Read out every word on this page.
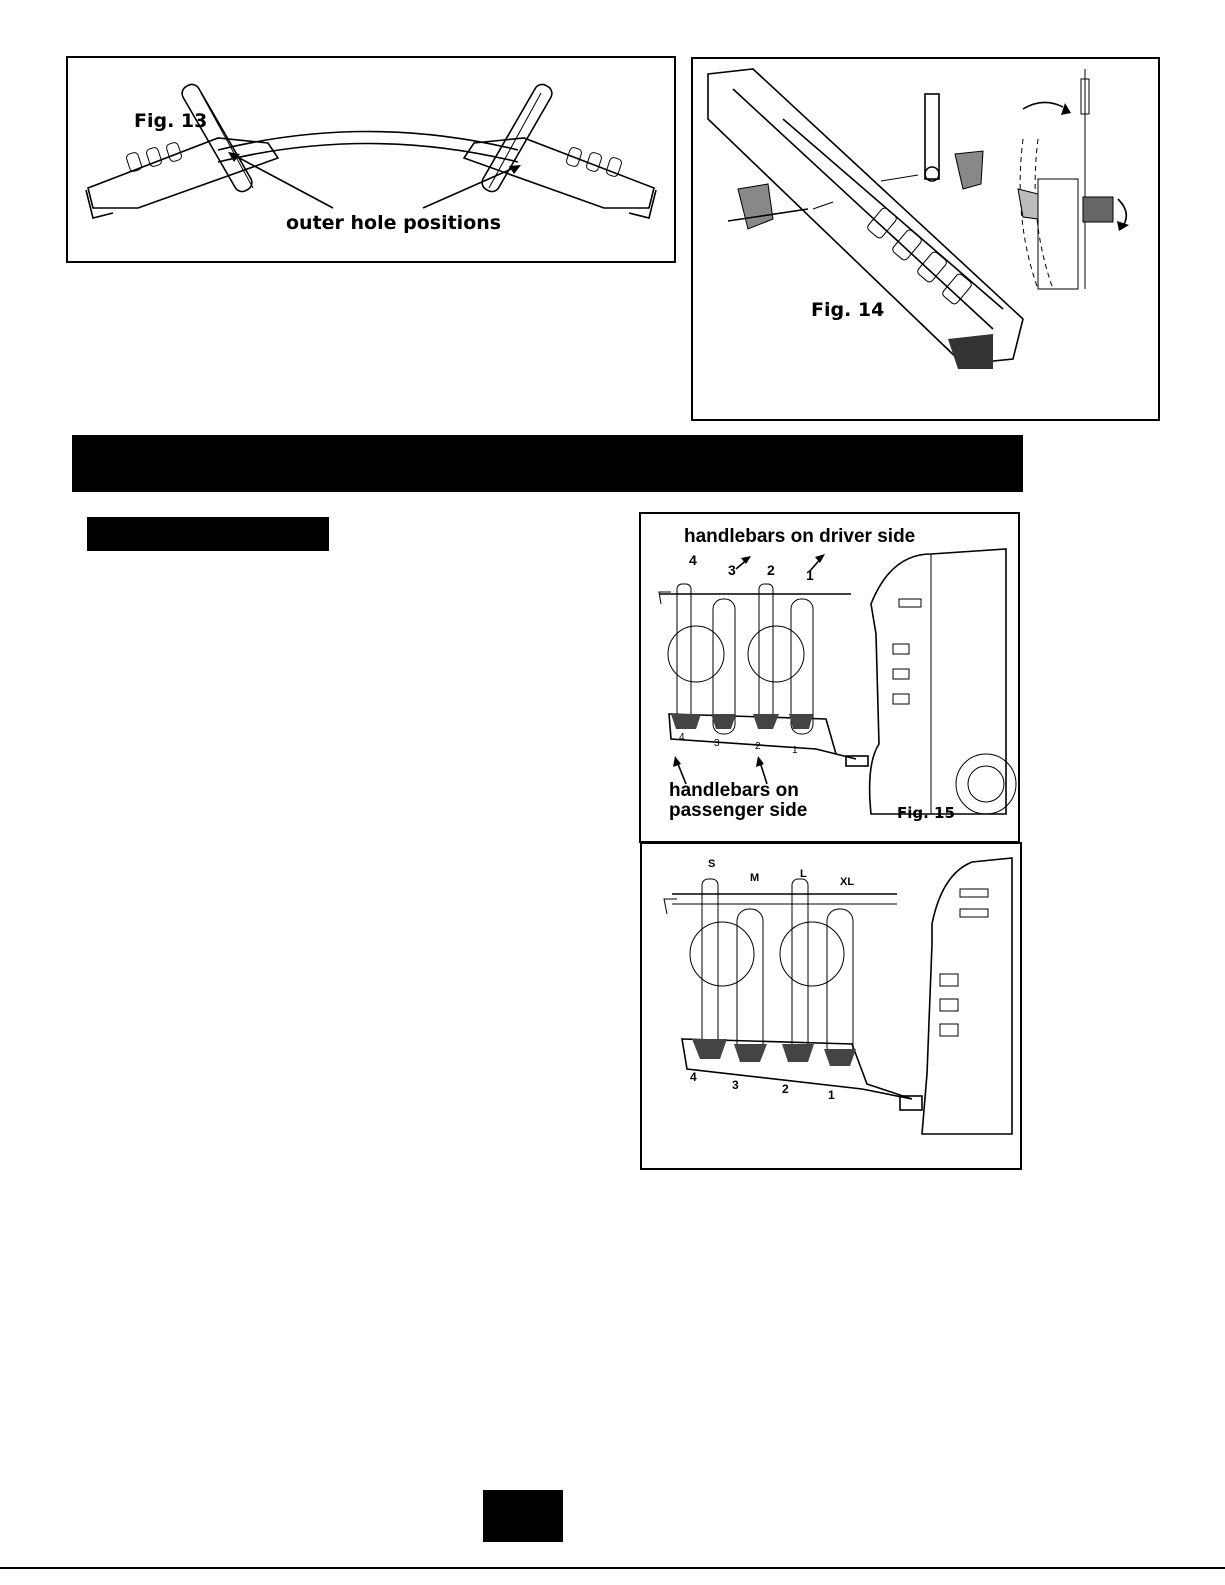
Fig. 13
outer hole positions
Fig. 14
handlebars on driver side
4
3 2 1
4
3	2	1
handlebars on
passenger side	Fig. 15
S
M	L
XL
4
3	2	1
